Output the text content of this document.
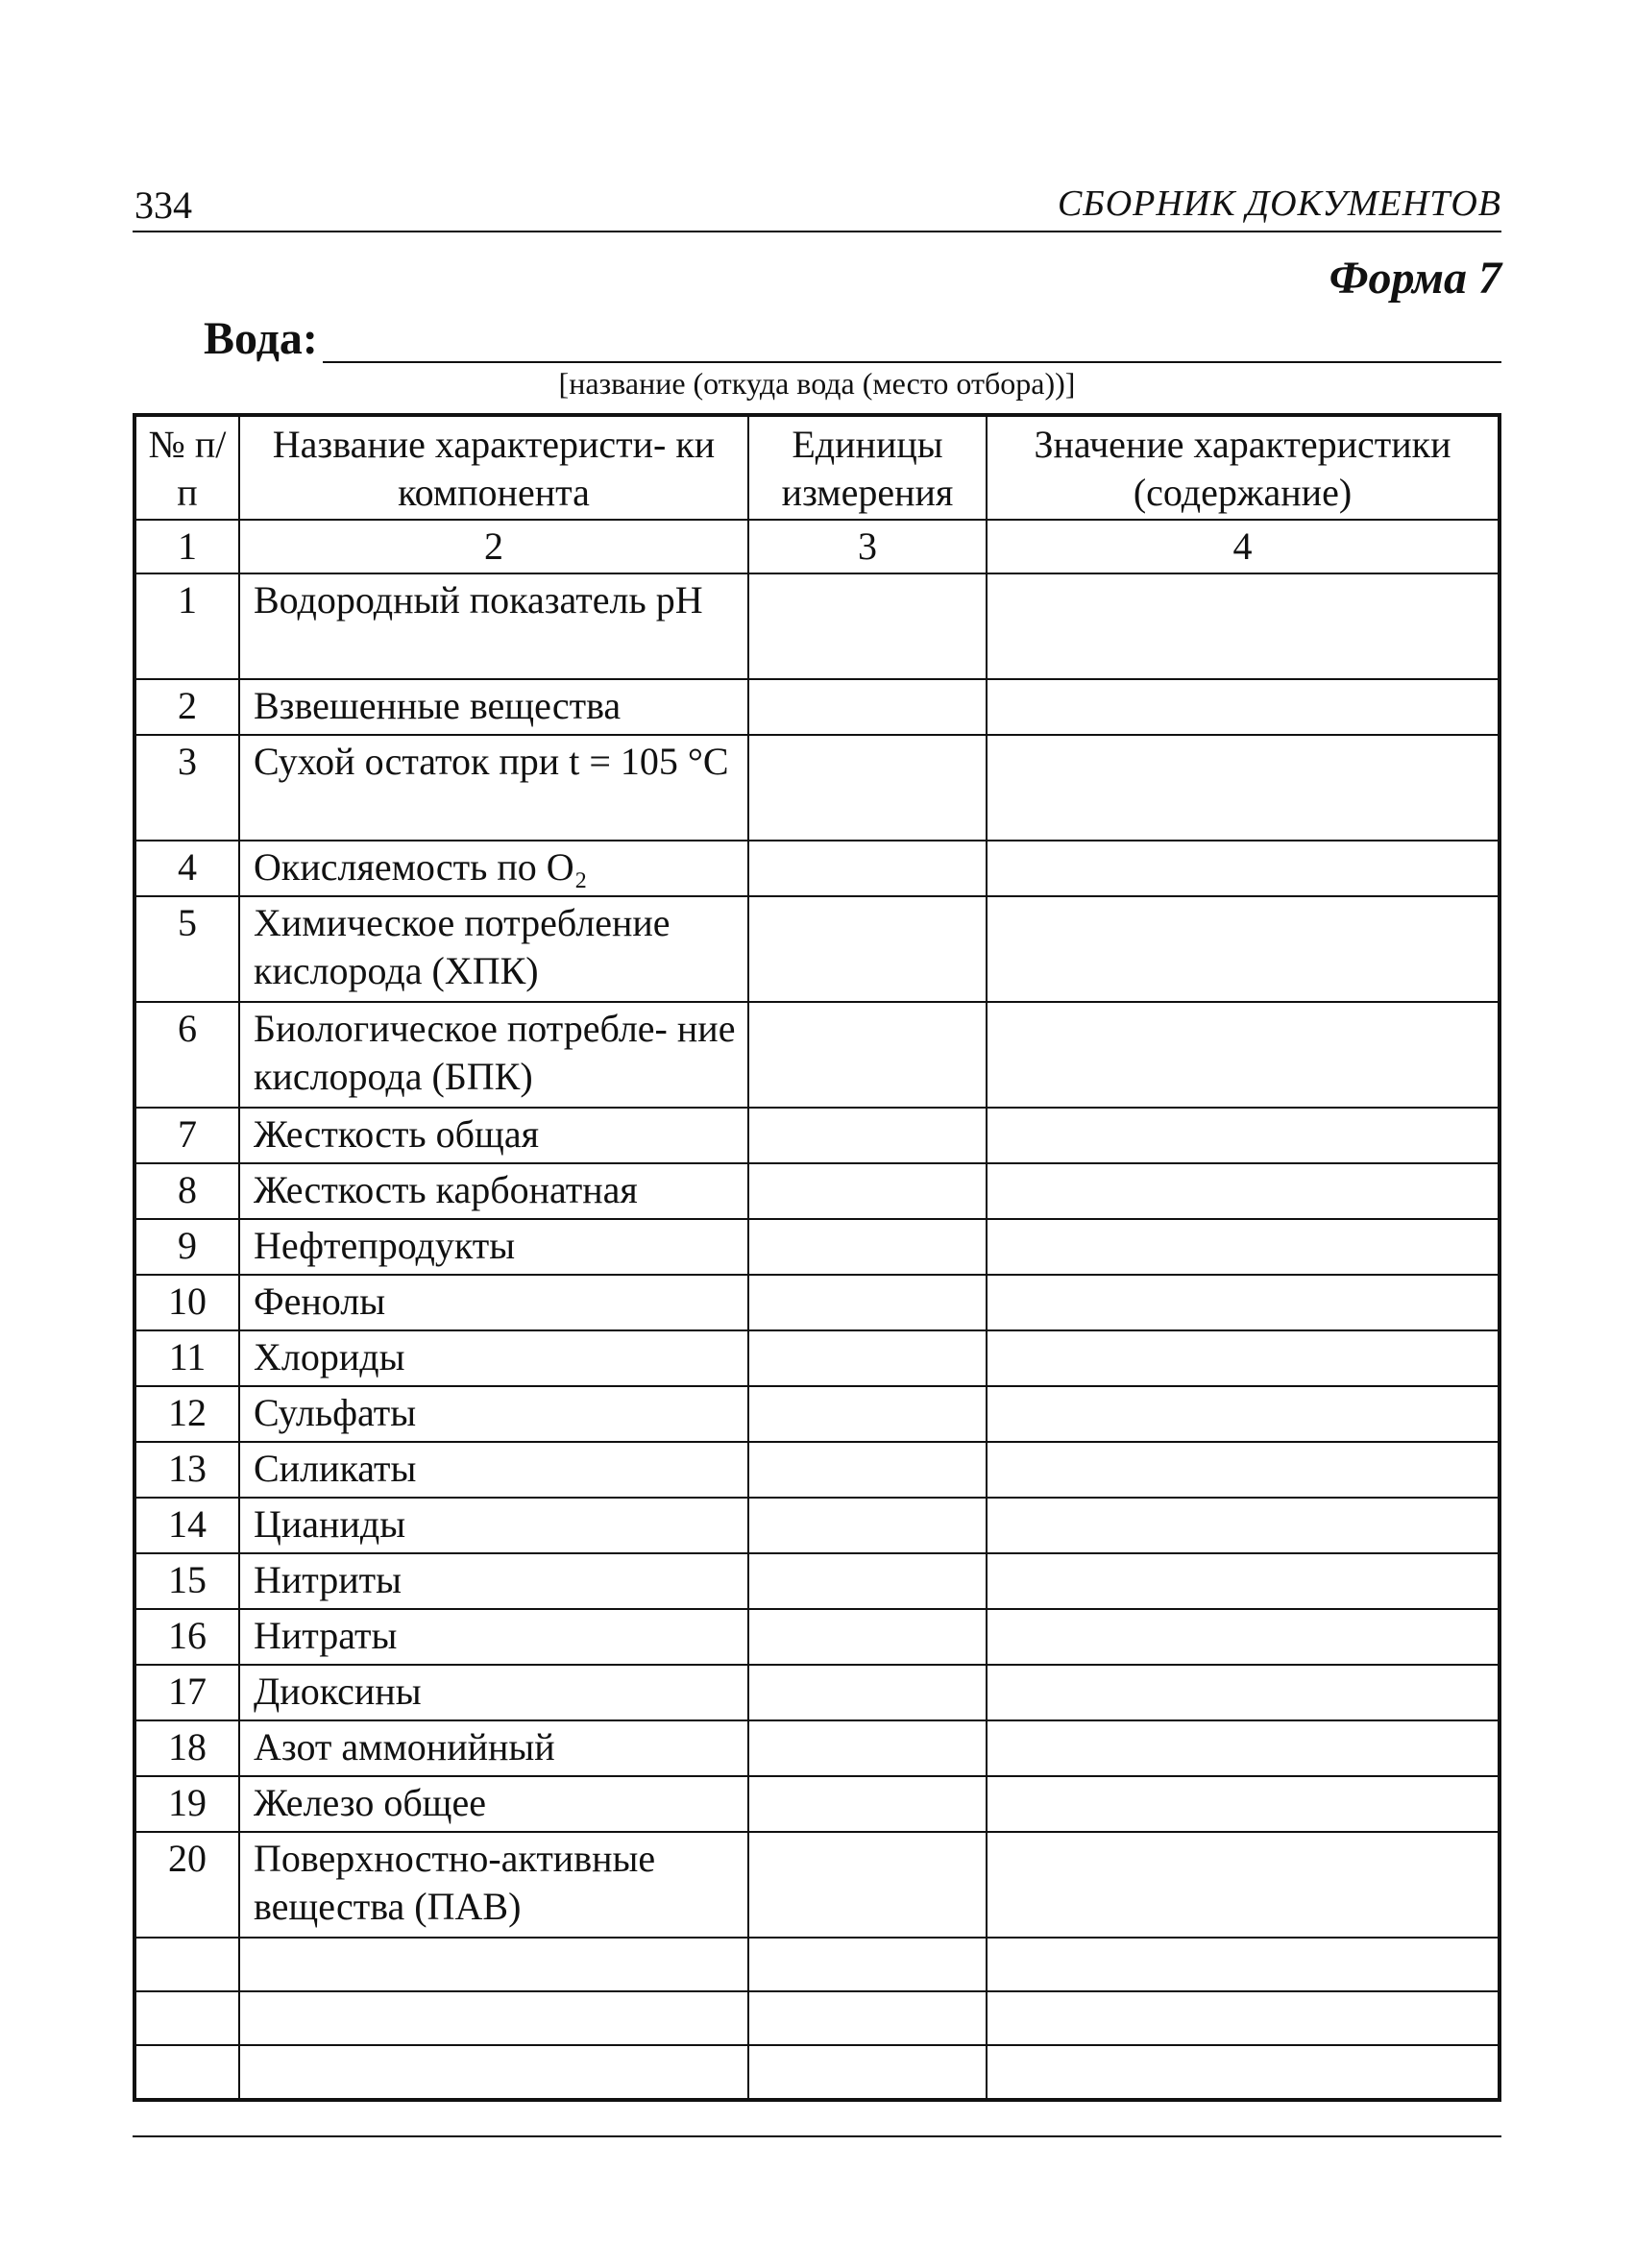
334	СБОРНИК ДОКУМЕНТОВ
Форма 7
Вода:
[название (откуда вода (место отбора))]
№ п/п	Название характеристи- ки компонента	Единицы измерения	Значение характеристики (содержание)
1	2	3	4
1	Водородный показатель pH		
2	Взвешенные вещества		
3	Сухой остаток при t = 105 °С		
4	Окисляемость по O₂		
5	Химическое потребление кислорода (ХПК)		
6	Биологическое потребле- ние кислорода (БПК)		
7	Жесткость общая		
8	Жесткость карбонатная		
9	Нефтепродукты		
10	Фенолы		
11	Хлориды		
12	Сульфаты		
13	Силикаты		
14	Цианиды		
15	Нитриты		
16	Нитраты		
17	Диоксины		
18	Азот аммонийный		
19	Железо общее		
20	Поверхностно-активные вещества (ПАВ)		
